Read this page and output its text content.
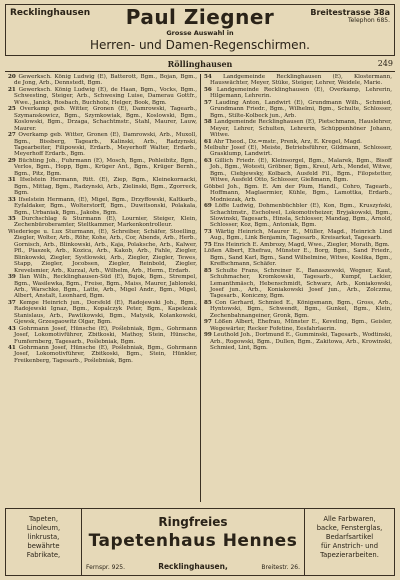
Recklinghausen	Paul Ziegner	Breitestrasse 38a
Telephon 685.
Grosse Auswahl in
Herren- und Damen-Regenschirmen.
Röllinghausen	249

20 Gewerksch. König Ludwig (E), Batterott, Bgm., Bojan, Bgm., de Jong, Arb., Dennstedt, Bgm.

21 Gewerksch. König Ludwig (E), de Haan, Bgm., Vocks, Bgm., Schwesting, Steiger, Arb., Schwesing Luise, Damerau Gottfr., Wwe., Janick, Rosbach, Buchholz, Helger, Book, Bgm.

25 Overkamp geb. Witter, Gronen (E), Damrowski, Tagearb., Szymanskowicz, Bgm., Szymkowiak, Bgm., Koslowski, Bgm., Koslowski, Bgm., Drzaga, Schachtmstr., Stahl, Maurer, Lauw, Maurer.

27 Overkamp geb. Witter, Gronen (E), Damrowski, Arb., Muxoll, Bgm., Bissberg, Tagearb., Kalinski, Arb., Radzynski, Tagearbeiter, Filipowski, Erdarb., Meyerhoff Walter, Erdarb., Meyerhoff Erdarb., Bgm.

29 Büchting Joh., Fuhrmann (E), Mosch, Bgm., Pohleibitz, Bgm., Verlos, Bgm., Hopp, Bgm., Krüger Ant., Bgm., Krüger Bernh., Bgm., Pitz, Bgm.

31 Ifselstein Hermann, Ritt. (E), Ziep, Bgm., Kleinekornacki, Bgm., Mittag, Bgm., Radzynski, Arb., Zielinski, Bgm., Zgorreck, Bgm.

33 Ifselstein Hermann, (E), Migel, Bgm., Drzyffowski, Kaltkarb., Eyfaldaker, Bgm., Wolterstorff, Bgm., Duwitsonski, Polakala, Bgm., Urbaniak, Bgm., Jakobs, Bgm.

35 Durchschlag & Sturmann (E), Lournier, Steiger, Klein, Zechenbüroberamter, Steltkammer, Markenkontrolleur.

Wiederiege u. Lux Sturmann, (E), Schreiber, Schäfer, Stoelling, Ziegler, Wolter, Arb., Röhr, Kohe, Arb., Cor, Abends, Arb., Herb., Gornisch, Arb., Blinkowski, Arb., Kaja, Polaksche, Arb., Kalwer, Pfl., Piaszek, Arb., Kozica, Arb., Kakob, Arb., Fahle, Ziegler, Blinkowski, Ziegler, Systlowski, Arb., Ziegler, Ziegler, Tewes, Stapp, Ziegler, Jocobsen, Ziegler, Reinbold, Ziegler, Krevelsmier, Arb., Kurzal, Arb., Wilhelm, Arb., Herm., Erdarb.

39 Ilan Wilh., Recklinghausen-Süd (E), Bujok, Bgm., Strempel, Bgm., Wasilewka, Bgm., Freise, Bgm., Maiss, Maurer, Jablonski, Arb., Warschke, Bgm., Latte, Arb., Migel Andr., Bgm., Migel, Albert, Anstalt, Leonhard, Bgm.

37 Kempe Heinrich jun., Dorsfeld (E), Radojewski Joh., Bgm., Radojewski Ignaz, Bgm., Kopalczyk Peter, Bgm., Kapelezak Stanislaus, Arb., Pawlikowski, Bgm., Matysik, Kolankowski, Gjewsk, Grzesgaowitz Olgar, Bgm.

43 Gohrmann Josef, Hünsche (E), Poślebniak, Bgm., Gohrmann Josef, Lokomotivführer, Zbitkoski, Mathoy, Stein, Hünsche, Fumfernberg, Tagesarb., Poślebniak, Bgm.

41 Gohrmann Josef, Hünsche (E), Poślebniak, Bgm., Gohrmann Josef, Lokomotivführer, Zbitkoski, Bgm., Stein, Hünkler, Freikenberg, Tagesarb., Poślebniak, Bgm.

54 Landgemeinde Recklinghausen (E), Klostermann, Hauswächter, Meyer, Stüke, Steiger, Lehrer, Weidele, Marie.

56 Landgemeinde Recklinghausen (E), Overkamp, Lehrerin, Hilgemann, Lehrerin.

57 Lauding Anton, Landwirt (E), Grundmann Wilh., Schmied, Grundmann Friedr., Bgm., Wilhelmi, Bgm., Schulte, Schlosser, Bgm., Stilte-Kolbeck jun., Arb.

58 Landgemeinde Recklinghausen (E), Pietschmann, Hauslehrer, Meyer, Lehrer, Schulten, Lehrerin, Schüppenhöner Johann, Witwe.

61 Ahr Theod., Dz.=mstr., Prenk, Arz, E. Kregel, Magd.

Melbuhr Josef (E), Meiste, Betriebsführer, Gildmann, Schlosser, Grasklump, Landwirt.

63 Gillich Friedr. (E), Kleinsorgel, Bgm., Malarek, Bgm., Bisoff Joh., Bgm., Wotesti, Gröbner, Bgm., Kreul, Arb., Mendel, Witwe, Bgm., Ciebjewsky, Kolbach, Ausfeld Fil., Bgm., Filopstetter, Witwe, Ausfeld Otto, Schlosser, Gießmann, Bgm.

Göbbel Joh., Bgm. E. Am der Plum, Handl., Cohro, Tagearb., Hoffmann, Maglaermier, Kühle, Bgm., Lamottka, Erdarb., Modniezak, Arb.

69 Löffe Ludwig, Dohmenbüchbler (E), Kon, Bgm., Kruszyński, Schachtmstr., Escholwel, Lokomotivheizer, Bryjakowski, Bgm., Slowinski, Tagesarb., Hinsla, Schlosser, Mandag, Bgm., Arnold, Schlosser, Koz, Bgm., Antoniak, Bgm.

73 Wärtig Heinrich, Maurer E., Müller, Magd., Heinrich Lind Aug., Bgm., Link Benjamin, Tagesarb., Kreisarkat, Tagesarb.

75 Ens Heinrich E. Ambrozy, Magd, Wwe., Ziegler, Morath, Bgm.

Lößen Albert, Ehefrau, Münster E., Borg, Bgm., Sand Friedr., Bgm., Sand Karl, Bgm., Sand Wilhelmine, Witwe, Koslika, Bgm., Kreffschmann, Schäfer.

85 Schulte Frans, Schreiner E., Banaszewski, Wegner, Kaut, Schuhmacher, Kromkowski, Tagesarb., Kumpf, Lackier, Lemanthmäsch, Hebenschmidt, Schwarz, Arb., Koniakowski, Josef jun., Arb., Koniakowski Josef jun., Arb., Zolczma, Tagesarb., Koniczny, Bgm.

85 Con Gerhard, Schmied E., Königsmann, Bgm., Gross, Arb., Hyntowski, Bgm., Schwendt, Bgm., Gunkel, Bgm., Klein, Zechenbahnangeiner, Gronk, Bgm.

97 Lößen Albert, Ehefrau, Münster E., Keveling, Bgm., Geisler, Wegewärter, Recker Fofetine, Eesfahrlaerin.

99 Leuthold Joh., Dortmund E., Gumminski, Tagesarb., Wodtinski, Arb., Rogowski, Bgm., Dullen, Bgm., Zakitowa, Arb., Krowinski, Schmied, Lint, Bgm.

Tapeten,
Linoleum,
linkrusta,
bewährte
Fabrikate,
Ringfreies
Tapetenhaus Hennes
Fernspr. 925.	Recklinghausen,	Breitestr. 26.
Alle Farbwaren,
backe, Fensterglas,
Bedarfsartikel
für Anstrich- und
Tapezierarbeiten.
